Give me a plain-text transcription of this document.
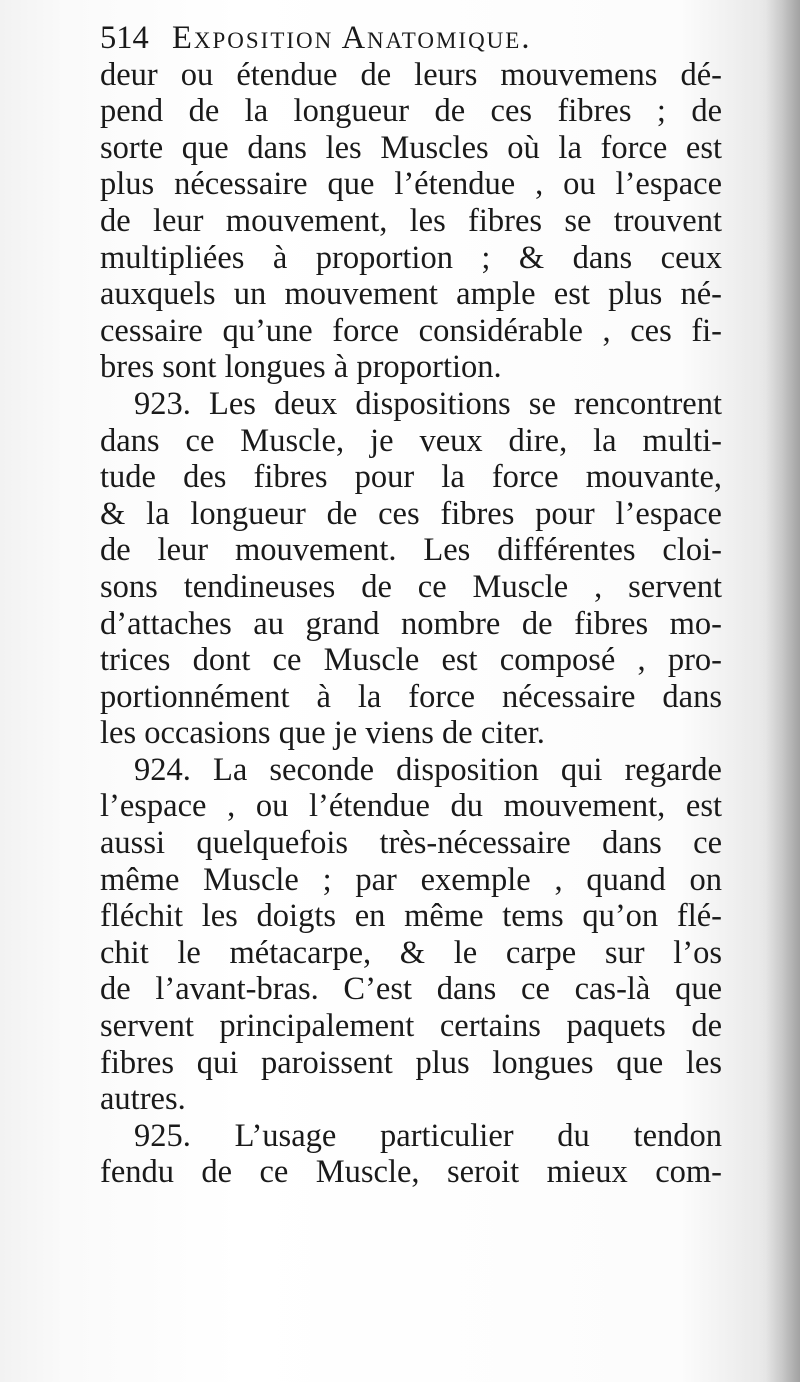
514 Exposition Anatomique.
deur ou étendue de leurs mouvemens dé-
pend de la longueur de ces fibres ; de
sorte que dans les Muscles où la force est
plus nécessaire que l’étendue , ou l’espace
de leur mouvement, les fibres se trouvent
multipliées à proportion ; & dans ceux
auxquels un mouvement ample est plus né-
cessaire qu’une force considérable , ces fi-
bres sont longues à proportion.
923. Les deux dispositions se rencontrent
dans ce Muscle, je veux dire, la multi-
tude des fibres pour la force mouvante,
& la longueur de ces fibres pour l’espace
de leur mouvement. Les différentes cloi-
sons tendineuses de ce Muscle , servent
d’attaches au grand nombre de fibres mo-
trices dont ce Muscle est composé , pro-
portionnément à la force nécessaire dans
les occasions que je viens de citer.
924. La seconde disposition qui regarde
l’espace , ou l’étendue du mouvement, est
aussi quelquefois très-nécessaire dans ce
même Muscle ; par exemple , quand on
fléchit les doigts en même tems qu’on flé-
chit le métacarpe, & le carpe sur l’os
de l’avant-bras. C’est dans ce cas-là que
servent principalement certains paquets de
fibres qui paroissent plus longues que les
autres.
925. L’usage particulier du tendon
fendu de ce Muscle, seroit mieux com-
